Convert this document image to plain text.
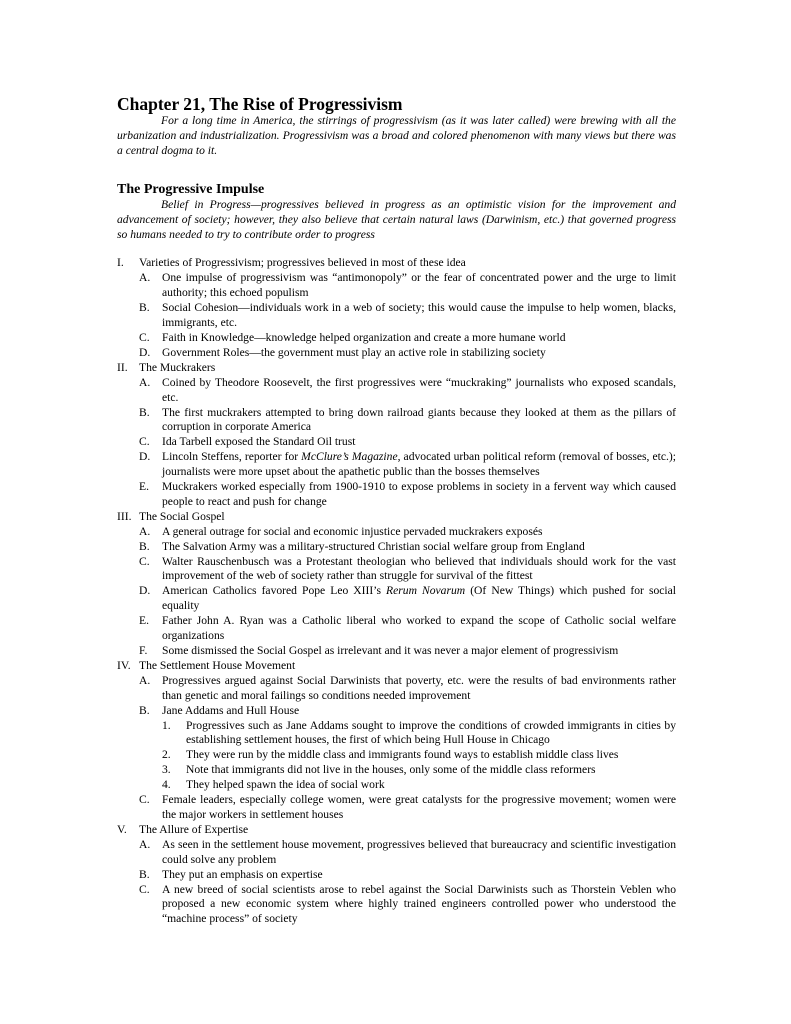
Chapter 21, The Rise of Progressivism

For a long time in America, the stirrings of progressivism (as it was later called) were brewing with all the urbanization and industrialization. Progressivism was a broad and colored phenomenon with many views but there was a central dogma to it.

The Progressive Impulse

Belief in Progress—progressives believed in progress as an optimistic vision for the improvement and advancement of society; however, they also believe that certain natural laws (Darwinism, etc.) that governed progress so humans needed to try to contribute order to progress

I.	Varieties of Progressivism; progressives believed in most of these idea
A.	One impulse of progressivism was “antimonopoly” or the fear of concentrated power and the urge to limit authority; this echoed populism
B.	Social Cohesion—individuals work in a web of society; this would cause the impulse to help women, blacks, immigrants, etc.
C.	Faith in Knowledge—knowledge helped organization and create a more humane world
D.	Government Roles—the government must play an active role in stabilizing society
II. The Muckrakers
A.	Coined by Theodore Roosevelt, the first progressives were “muckraking” journalists who exposed scandals, etc.
B.	The first muckrakers attempted to bring down railroad giants because they looked at them as the pillars of corruption in corporate America
C.	Ida Tarbell exposed the Standard Oil trust
D.	Lincoln Steffens, reporter for McClure’s Magazine, advocated urban political reform (removal of bosses, etc.); journalists were more upset about the apathetic public than the bosses themselves
E.	Muckrakers worked especially from 1900-1910 to expose problems in society in a fervent way which caused people to react and push for change
III. The Social Gospel
A.	A general outrage for social and economic injustice pervaded muckrakers exposés
B.	The Salvation Army was a military-structured Christian social welfare group from England
C.	Walter Rauschenbusch was a Protestant theologian who believed that individuals should work for the vast improvement of the web of society rather than struggle for survival of the fittest
D.	American Catholics favored Pope Leo XIII’s Rerum Novarum (Of New Things) which pushed for social equality
E.	Father John A. Ryan was a Catholic liberal who worked to expand the scope of Catholic social welfare organizations
F.	Some dismissed the Social Gospel as irrelevant and it was never a major element of progressivism
IV. The Settlement House Movement
A.	Progressives argued against Social Darwinists that poverty, etc. were the results of bad environments rather than genetic and moral failings so conditions needed improvement
B.	Jane Addams and Hull House
1.	Progressives such as Jane Addams sought to improve the conditions of crowded immigrants in cities by establishing settlement houses, the first of which being Hull House in Chicago
2.	They were run by the middle class and immigrants found ways to establish middle class lives
3.	Note that immigrants did not live in the houses, only some of the middle class reformers
4.	They helped spawn the idea of social work
C.	Female leaders, especially college women, were great catalysts for the progressive movement; women were the major workers in settlement houses
V.	The Allure of Expertise
A.	As seen in the settlement house movement, progressives believed that bureaucracy and scientific investigation could solve any problem
B.	They put an emphasis on expertise
C.	A new breed of social scientists arose to rebel against the Social Darwinists such as Thorstein Veblen who proposed a new economic system where highly trained engineers controlled power who understood the “machine process” of society
